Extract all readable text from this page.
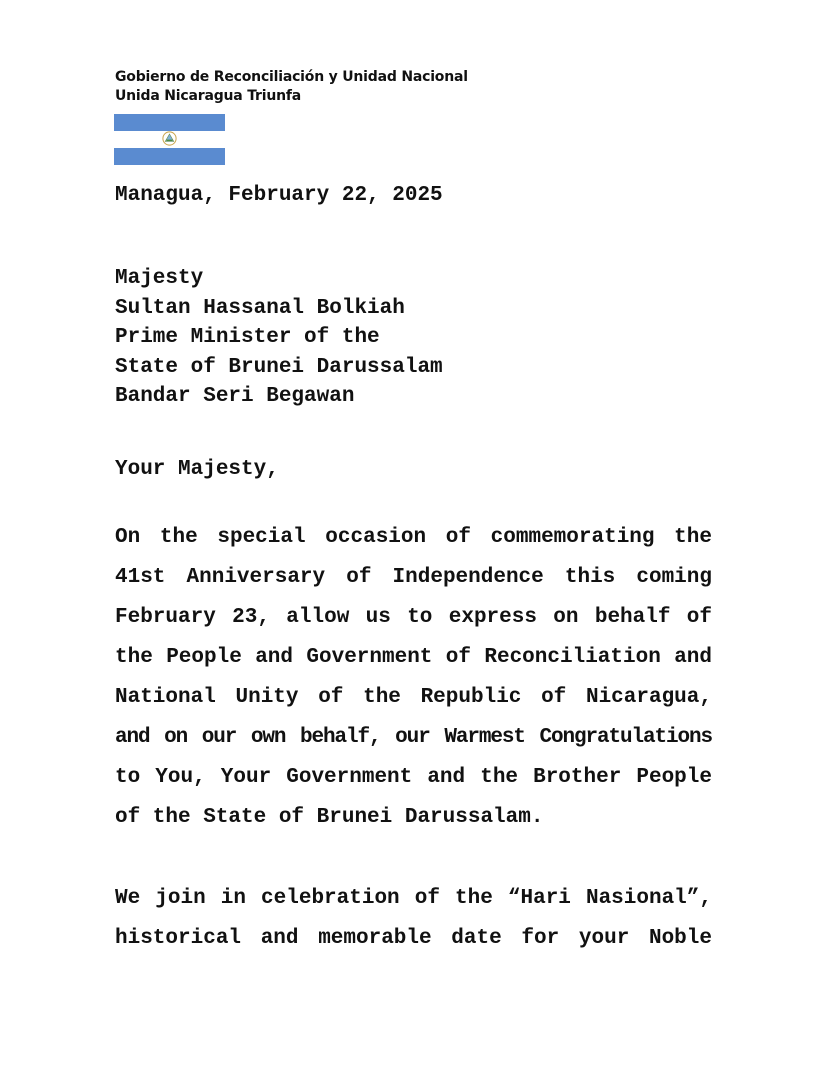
Gobierno de Reconciliación y Unidad Nacional
Unida Nicaragua Triunfa
Managua, February 22, 2025
Majesty
Sultan Hassanal Bolkiah
Prime Minister of the
State of Brunei Darussalam
Bandar Seri Begawan
Your Majesty,
On the special occasion of commemorating the
41st Anniversary of Independence this coming
February 23, allow us to express on behalf of
the People and Government of Reconciliation and
National Unity of the Republic of Nicaragua,
and on our own behalf, our Warmest Congratulations
to You, Your Government and the Brother People
of the State of Brunei Darussalam.
We join in celebration of the “Hari Nasional”,
historical and memorable date for your Noble
